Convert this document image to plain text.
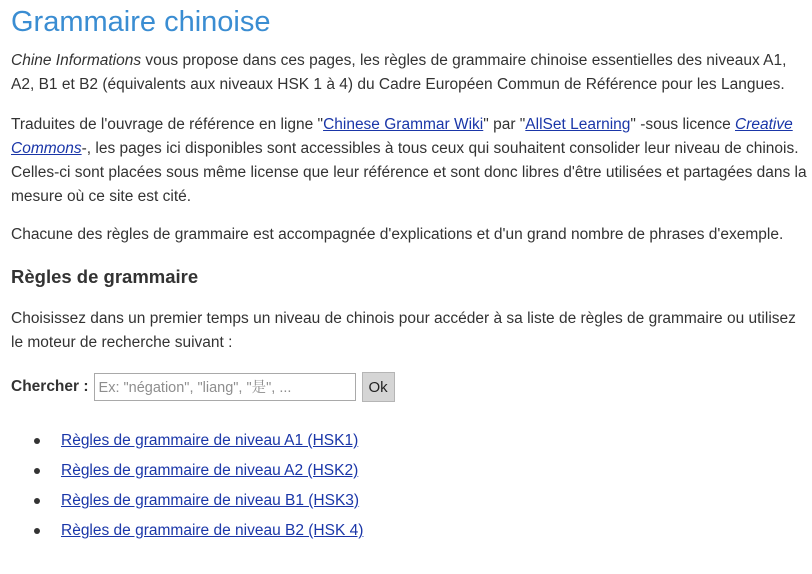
Grammaire chinoise

Chine Informations vous propose dans ces pages, les règles de grammaire chinoise essentielles des niveaux A1, A2, B1 et B2 (équivalents aux niveaux HSK 1 à 4) du Cadre Européen Commun de Référence pour les Langues.

Traduites de l'ouvrage de référence en ligne "Chinese Grammar Wiki" par "AllSet Learning" -sous licence Creative Commons-, les pages ici disponibles sont accessibles à tous ceux qui souhaitent consolider leur niveau de chinois. Celles-ci sont placées sous même license que leur référence et sont donc libres d'être utilisées et partagées dans la mesure où ce site est cité.

Chacune des règles de grammaire est accompagnée d'explications et d'un grand nombre de phrases d'exemple.

Règles de grammaire

Choisissez dans un premier temps un niveau de chinois pour accéder à sa liste de règles de grammaire ou utilisez le moteur de recherche suivant :

Chercher :
Ex: "négation", "liang", "是", ...	Ok
Règles de grammaire de niveau A1 (HSK1)
Règles de grammaire de niveau A2 (HSK2)
Règles de grammaire de niveau B1 (HSK3)
Règles de grammaire de niveau B2 (HSK 4)
